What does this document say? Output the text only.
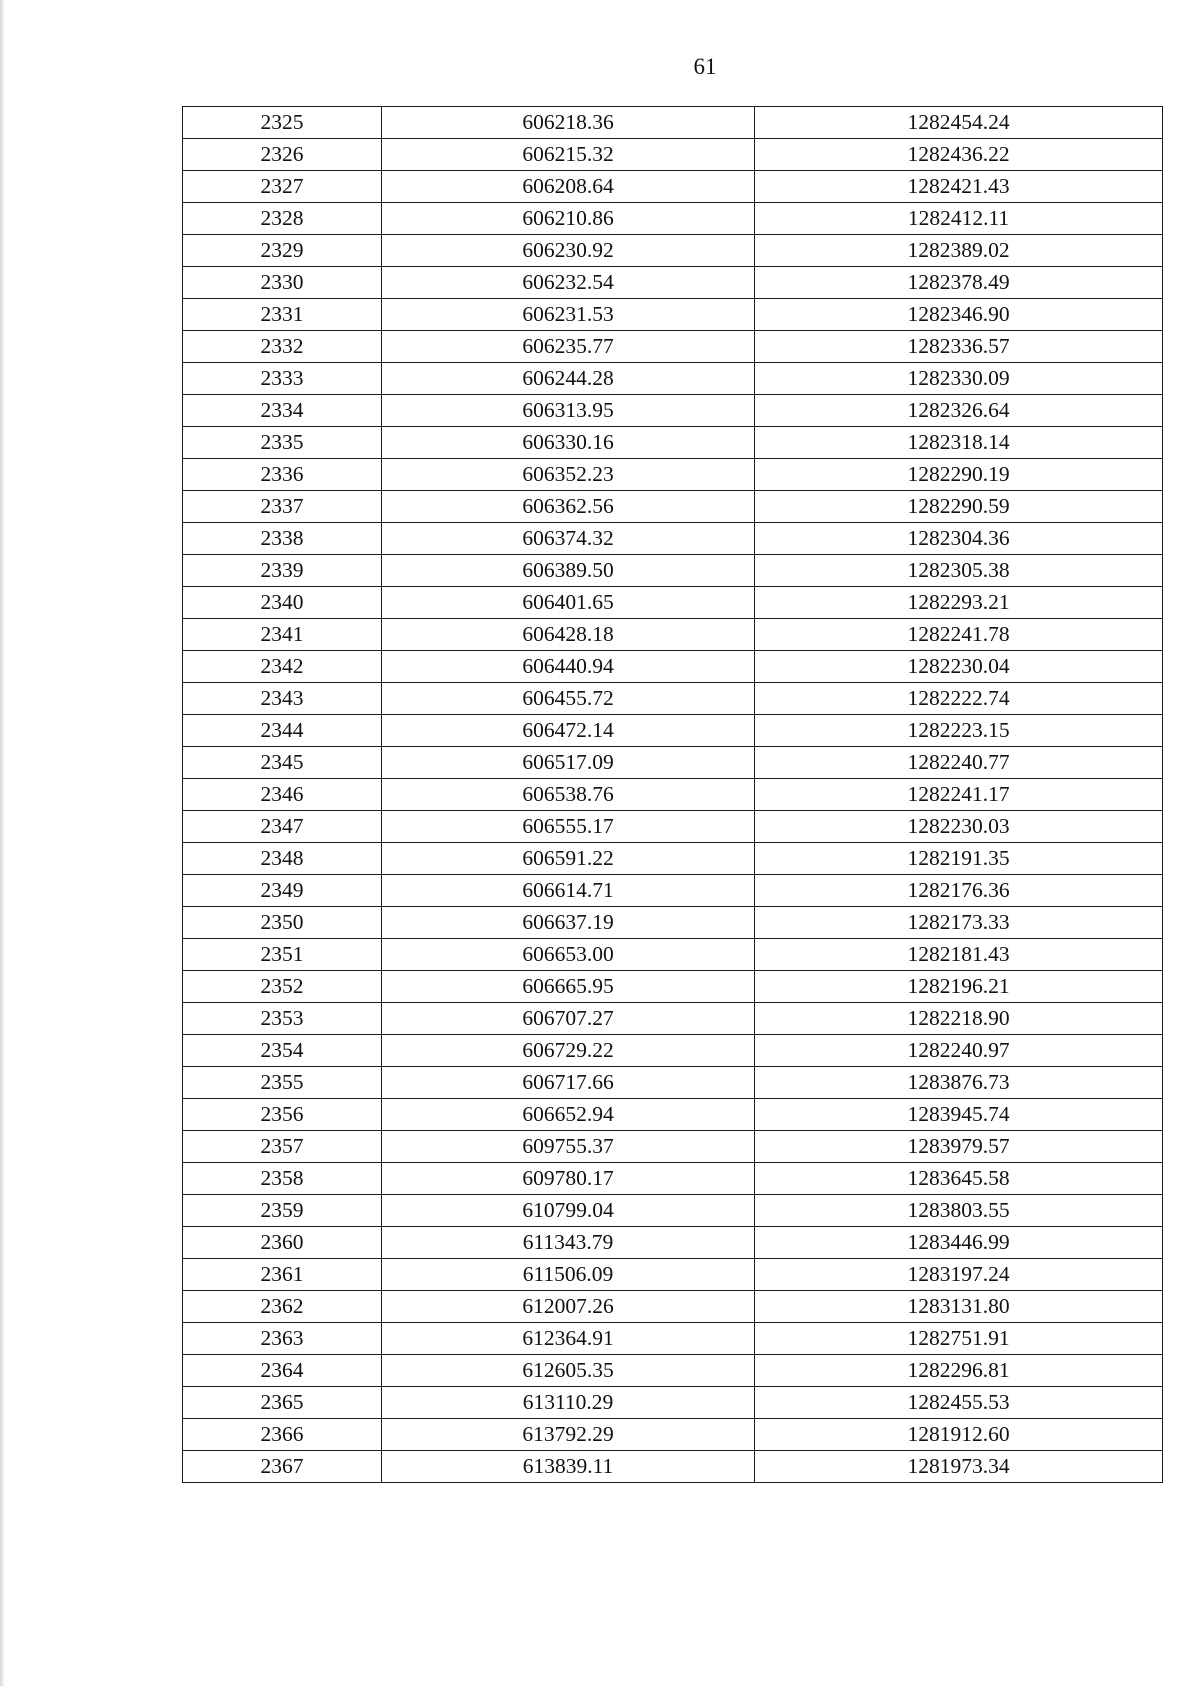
61
2325	606218.36	1282454.24
2326	606215.32	1282436.22
2327	606208.64	1282421.43
2328	606210.86	1282412.11
2329	606230.92	1282389.02
2330	606232.54	1282378.49
2331	606231.53	1282346.90
2332	606235.77	1282336.57
2333	606244.28	1282330.09
2334	606313.95	1282326.64
2335	606330.16	1282318.14
2336	606352.23	1282290.19
2337	606362.56	1282290.59
2338	606374.32	1282304.36
2339	606389.50	1282305.38
2340	606401.65	1282293.21
2341	606428.18	1282241.78
2342	606440.94	1282230.04
2343	606455.72	1282222.74
2344	606472.14	1282223.15
2345	606517.09	1282240.77
2346	606538.76	1282241.17
2347	606555.17	1282230.03
2348	606591.22	1282191.35
2349	606614.71	1282176.36
2350	606637.19	1282173.33
2351	606653.00	1282181.43
2352	606665.95	1282196.21
2353	606707.27	1282218.90
2354	606729.22	1282240.97
2355	606717.66	1283876.73
2356	606652.94	1283945.74
2357	609755.37	1283979.57
2358	609780.17	1283645.58
2359	610799.04	1283803.55
2360	611343.79	1283446.99
2361	611506.09	1283197.24
2362	612007.26	1283131.80
2363	612364.91	1282751.91
2364	612605.35	1282296.81
2365	613110.29	1282455.53
2366	613792.29	1281912.60
2367	613839.11	1281973.34
